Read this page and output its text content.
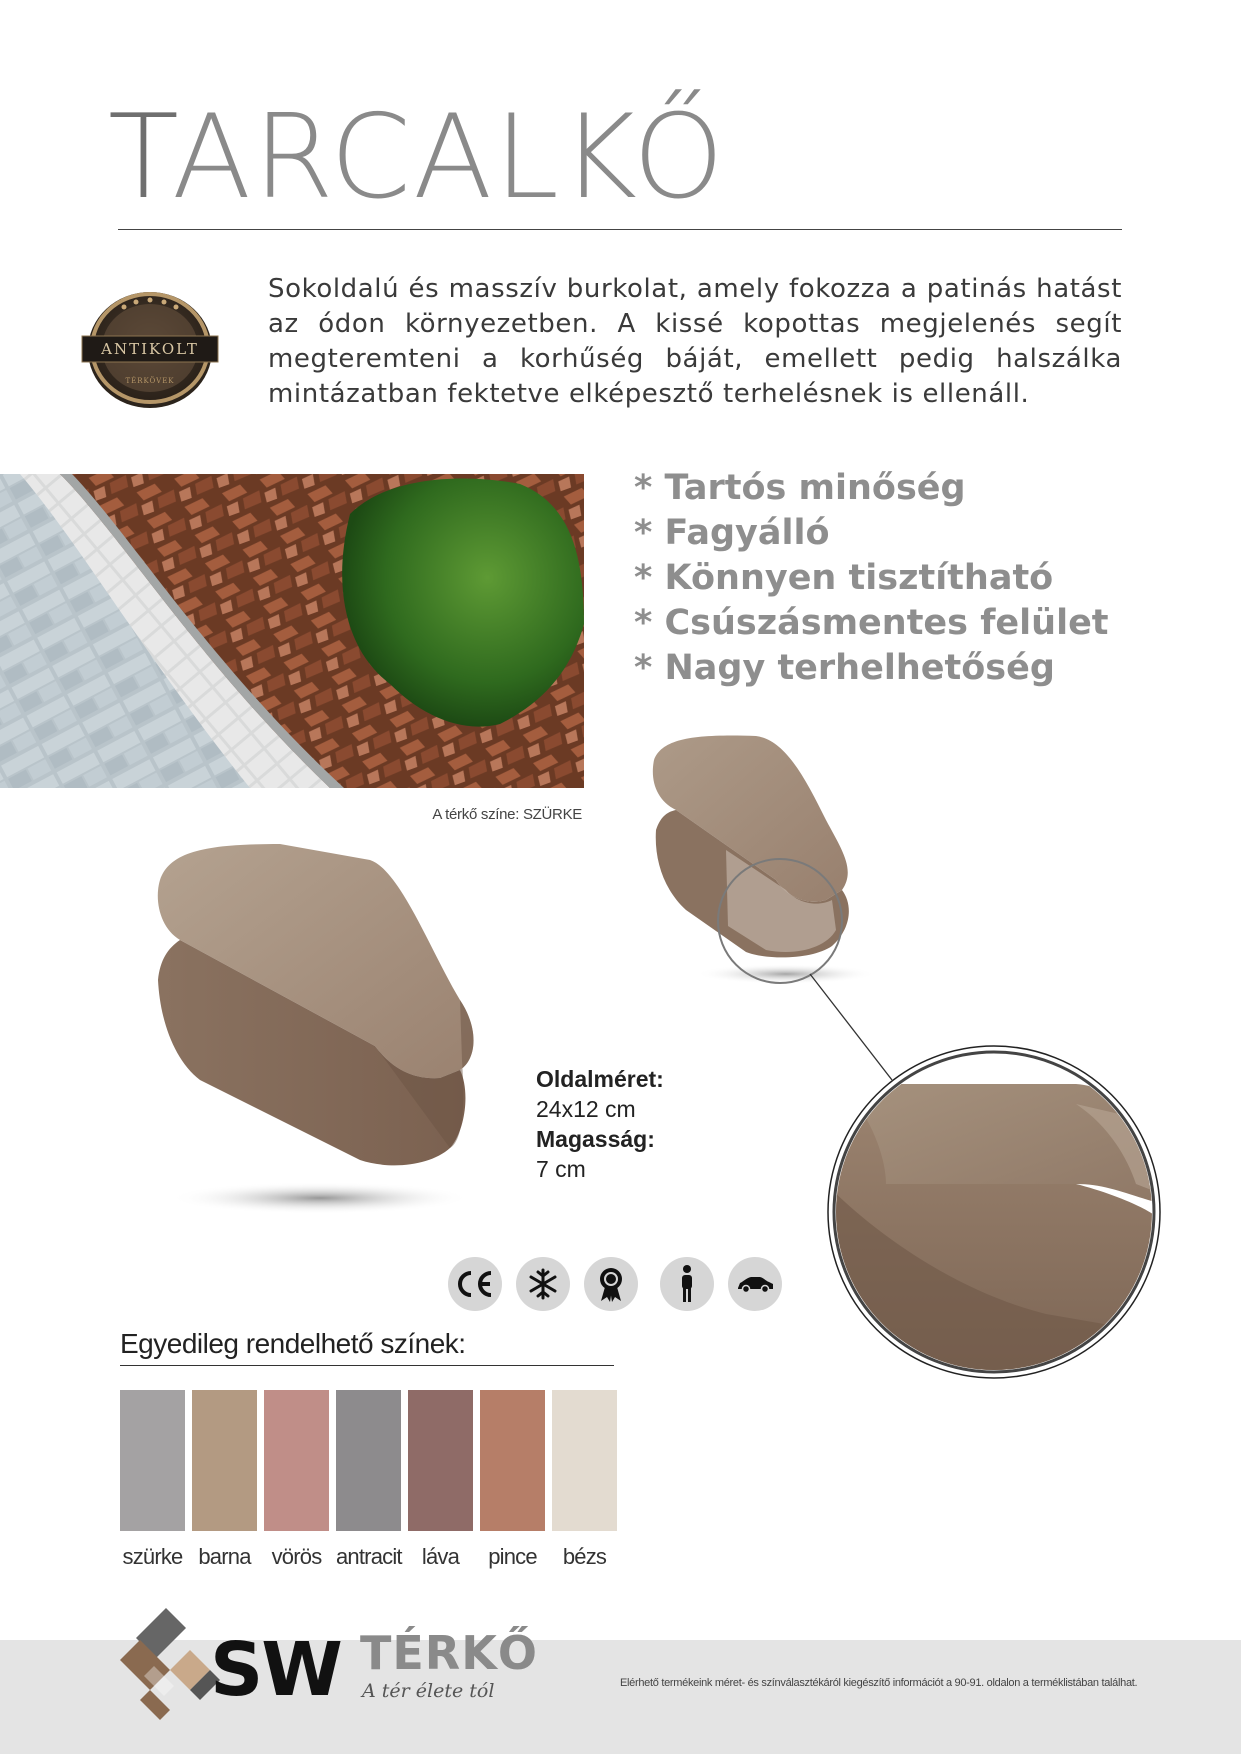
TARCALKŐ
ANTIKOLT
TÉRKÖVEK
Sokoldalú és masszív burkolat, amely fokozza a patinás hatást az ódon környezetben. A kissé kopottas megjelenés segít megteremteni a korhűség báját, emellett pedig halszálka mintázatban fektetve elképesztő terhelésnek is ellenáll.
A térkő színe: SZÜRKE
* Tartós minőség
* Fagyálló
* Könnyen tisztítható
* Csúszásmentes felület
* Nagy terhelhetőség
Oldalméret:
24x12 cm
Magasság:
7 cm
Egyedileg rendelhető színek:
szürke barna vörös antracit láva	pince	bézs
SW TÉRKŐ
A tér élete tól	Elérhető termékeink méret- és színválasztékáról kiegészítő információt a 90-91. oldalon a terméklistában találhat.
